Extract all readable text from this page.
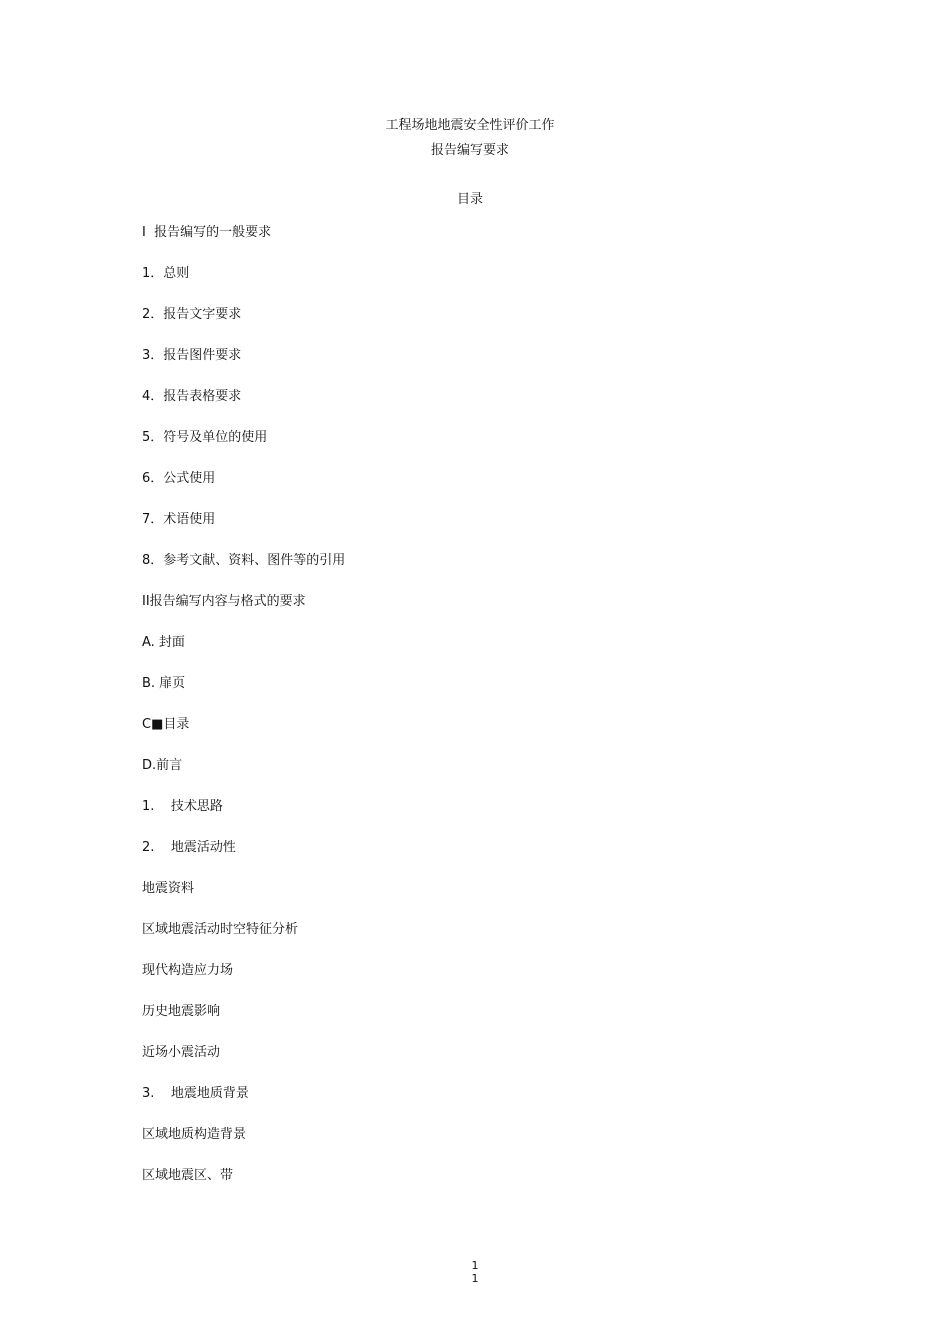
工程场地地震安全性评价工作
报告编写要求
目录
I  报告编写的一般要求
1．总则
2．报告文字要求
3．报告图件要求
4．报告表格要求
5．符号及单位的使用
6．公式使用
7．术语使用
8．参考文献、资料、图件等的引用
II报告编写内容与格式的要求
A. 封面
B. 扉页
C■目录
D.前言
1.    技术思路
2.    地震活动性
地震资料
区域地震活动时空特征分析
现代构造应力场
历史地震影响
近场小震活动
3.    地震地质背景
区域地质构造背景
区域地震区、带
1
1
